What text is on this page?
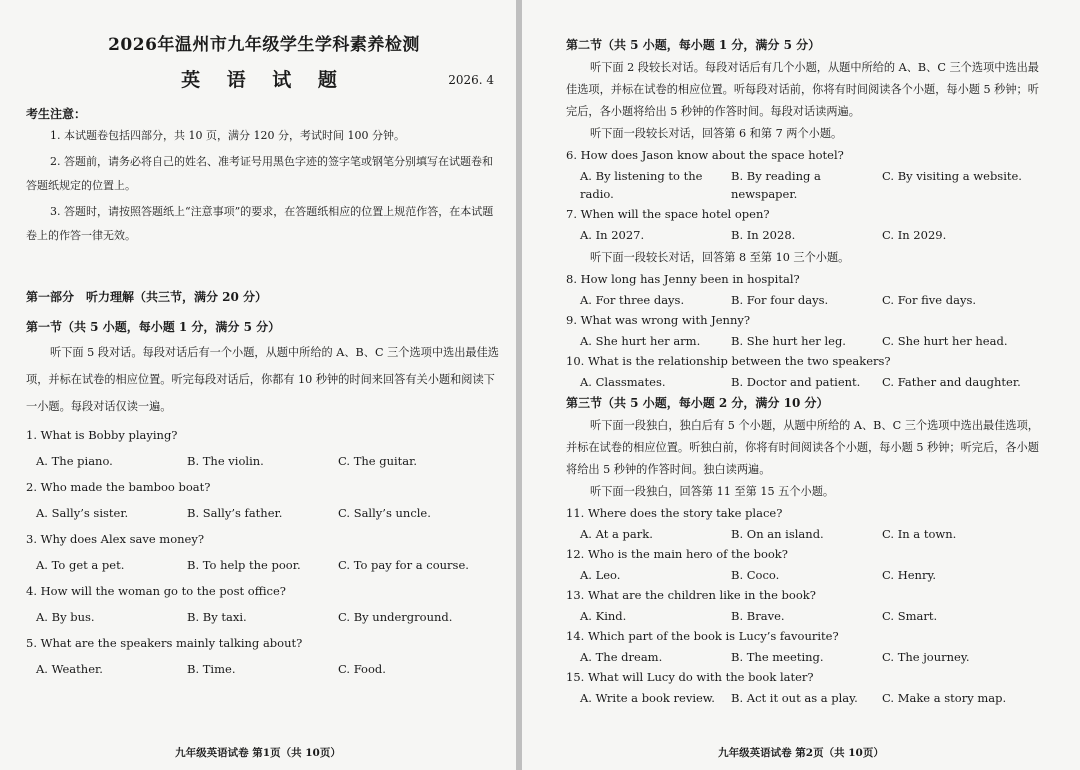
2026年温州市九年级学生学科素养检测
英 语 试 题	2026. 4
考生注意：
1. 本试题卷包括四部分，共 10 页，满分 120 分，考试时间 100 分钟。
2. 答题前，请务必将自己的姓名、准考证号用黑色字迹的签字笔或钢笔分别填写在试题卷和答题纸规定的位置上。
3. 答题时，请按照答题纸上“注意事项”的要求，在答题纸相应的位置上规范作答，在本试题卷上的作答一律无效。
第一部分　听力理解（共三节，满分 20 分）
第一节（共 5 小题，每小题 1 分，满分 5 分）
听下面 5 段对话。每段对话后有一个小题，从题中所给的 A、B、C 三个选项中选出最佳选项，并标在试卷的相应位置。听完每段对话后，你都有 10 秒钟的时间来回答有关小题和阅读下一小题。每段对话仅读一遍。
1. What is Bobby playing?
A. The piano.	B. The violin.	C. The guitar.
2. Who made the bamboo boat?
A. Sally’s sister.	B. Sally’s father.	C. Sally’s uncle.
3. Why does Alex save money?
A. To get a pet.	B. To help the poor.	C. To pay for a course.
4. How will the woman go to the post office?
A. By bus.	B. By taxi.	C. By underground.
5. What are the speakers mainly talking about?
A. Weather.	B. Time.	C. Food.
九年级英语试卷 第1页（共 10页）
第二节（共 5 小题，每小题 1 分，满分 5 分）
听下面 2 段较长对话。每段对话后有几个小题，从题中所给的 A、B、C 三个选项中选出最佳选项，并标在试卷的相应位置。听每段对话前，你将有时间阅读各个小题，每小题 5 秒钟；听完后，各小题将给出 5 秒钟的作答时间。每段对话读两遍。
听下面一段较长对话，回答第 6 和第 7 两个小题。
6. How does Jason know about the space hotel?
A. By listening to the radio.
B. By reading a newspaper.
C. By visiting a website.
7. When will the space hotel open?
A. In 2027.	B. In 2028.	C. In 2029.
听下面一段较长对话，回答第 8 至第 10 三个小题。
8. How long has Jenny been in hospital?
A. For three days.	B. For four days.	C. For five days.
9. What was wrong with Jenny?
A. She hurt her arm.	B. She hurt her leg.	C. She hurt her head.
10. What is the relationship between the two speakers?
A. Classmates.	B. Doctor and patient.	C. Father and daughter.
第三节（共 5 小题，每小题 2 分，满分 10 分）
听下面一段独白，独白后有 5 个小题，从题中所给的 A、B、C 三个选项中选出最佳选项，并标在试卷的相应位置。听独白前，你将有时间阅读各个小题，每小题 5 秒钟；听完后，各小题将给出 5 秒钟的作答时间。独白读两遍。
听下面一段独白，回答第 11 至第 15 五个小题。
11. Where does the story take place?
A. At a park.	B. On an island.	C. In a town.
12. Who is the main hero of the book?
A. Leo.	B. Coco.	C. Henry.
13. What are the children like in the book?
A. Kind.	B. Brave.	C. Smart.
14. Which part of the book is Lucy’s favourite?
A. The dream.	B. The meeting.	C. The journey.
15. What will Lucy do with the book later?
A. Write a book review.	B. Act it out as a play.	C. Make a story map.
九年级英语试卷 第2页（共 10页）
